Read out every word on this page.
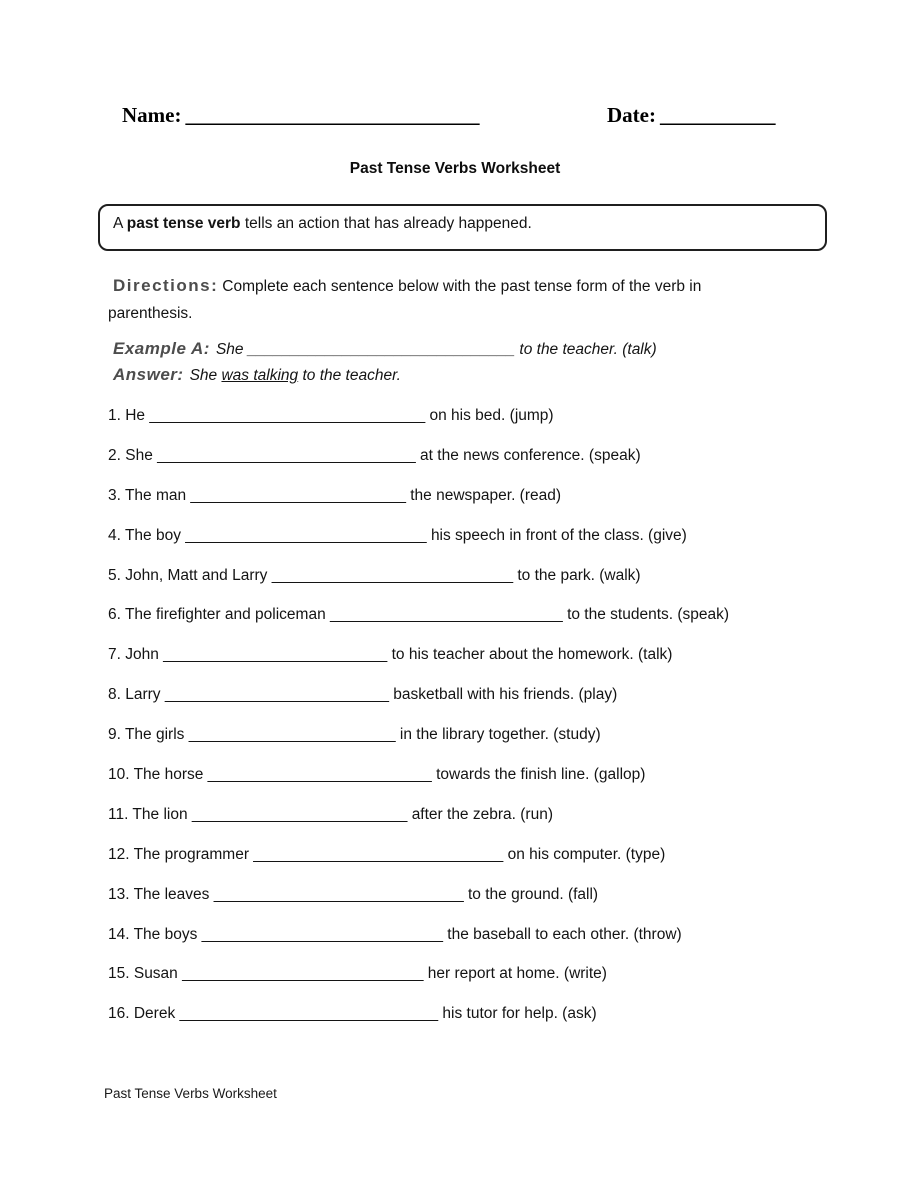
Name: ____________________________	Date: ___________
Past Tense Verbs Worksheet
A past tense verb tells an action that has already happened.
Directions: Complete each sentence below with the past tense form of the verb in parenthesis.
Example A: She _______________________________ to the teacher. (talk)
Answer: She was talking to the teacher.
1. He ________________________________ on his bed. (jump)
2. She ______________________________ at the news conference. (speak)
3. The man _________________________ the newspaper. (read)
4. The boy ____________________________ his speech in front of the class. (give)
5. John, Matt and Larry ____________________________ to the park. (walk)
6. The firefighter and policeman ___________________________ to the students. (speak)
7. John __________________________ to his teacher about the homework. (talk)
8. Larry __________________________ basketball with his friends. (play)
9. The girls ________________________ in the library together. (study)
10. The horse __________________________ towards the finish line. (gallop)
11. The lion _________________________ after the zebra. (run)
12. The programmer _____________________________ on his computer. (type)
13. The leaves _____________________________ to the ground. (fall)
14. The boys ____________________________ the baseball to each other. (throw)
15. Susan ____________________________ her report at home. (write)
16. Derek ______________________________ his tutor for help. (ask)
Past Tense Verbs Worksheet
